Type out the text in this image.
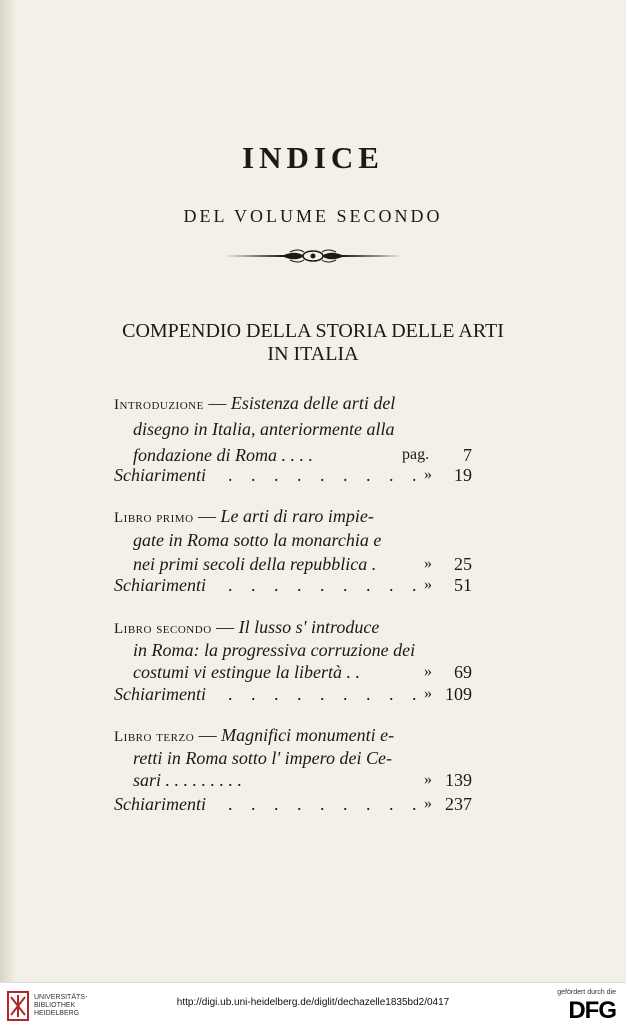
INDICE
DEL VOLUME SECONDO
COMPENDIO DELLA STORIA DELLE ARTI
IN ITALIA
Introduzione — Esistenza delle arti del
disegno in Italia, anteriormente alla
fondazione di Roma . . . .	pag. 7
Schiarimenti . . . . . . . . . » 19
Libro primo — Le arti di raro impie-
gate in Roma sotto la monarchia e
nei primi secoli della repubblica .	» 25
Schiarimenti . . . . . . . . . » 51
Libro secondo — Il lusso s' introduce
in Roma: la progressiva corruzione dei
costumi vi estingue la libertà . .	» 69
Schiarimenti . . . . . . . . . » 109
Libro terzo — Magnifici monumenti e-
retti in Roma sotto l' impero dei Ce-
sari . . . . . . . . .	» 139
Schiarimenti . . . . . . . . . » 237
UNIVERSITÄTS-
BIBLIOTHEK
HEIDELBERG
http://digi.ub.uni-heidelberg.de/diglit/dechazelle1835bd2/0417
gefördert durch die
DFG
